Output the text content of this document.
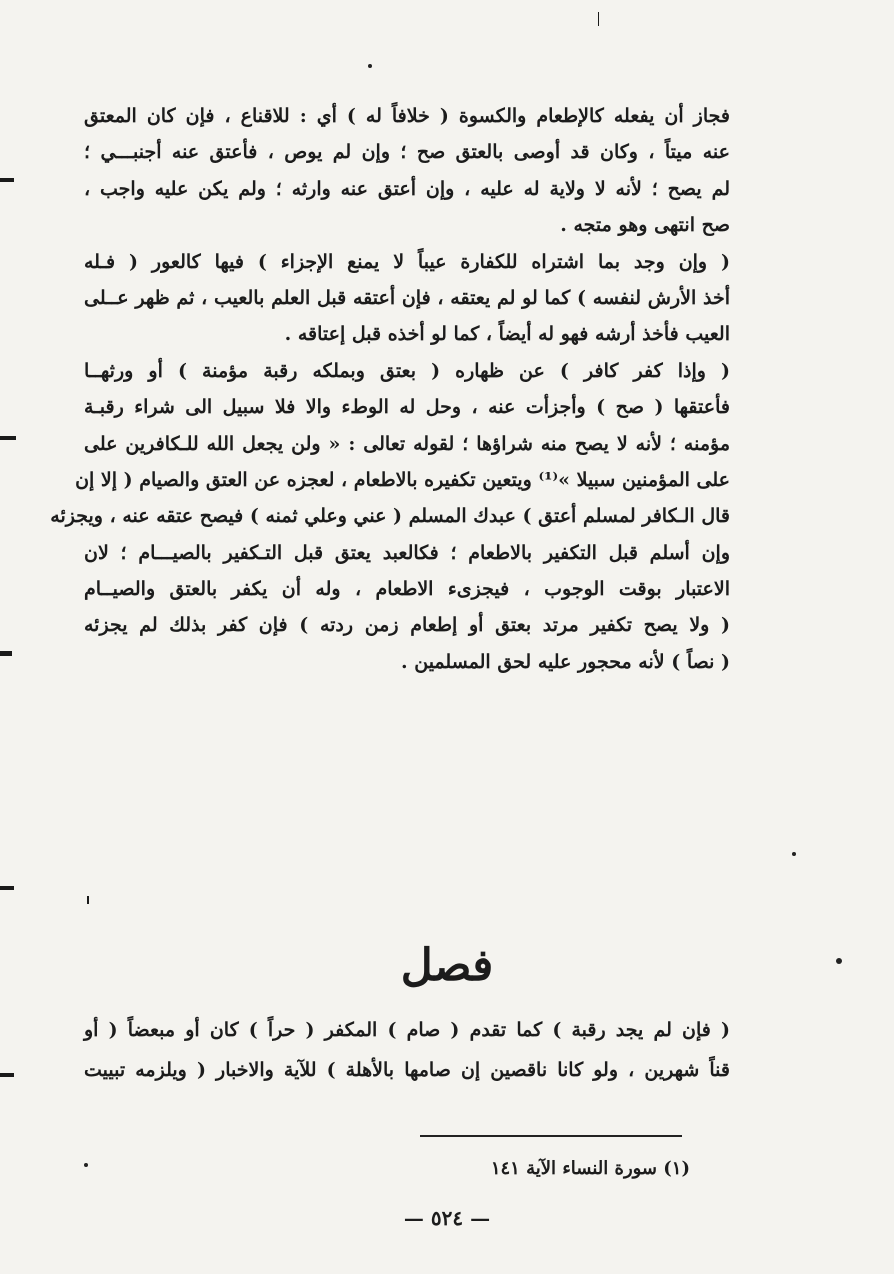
فجاز أن يفعله كالإطعام والكسوة ( خلافاً له ) أي : للاقناع ، فإن كان المعتق
عنه ميتاً ، وكان قد أوصى بالعتق صح ؛ وإن لم يوص ، فأعتق عنه أجنبـــي ؛
لم يصح ؛ لأنه لا ولاية له عليه ، وإن أعتق عنه وارثه ؛ ولم يكن عليه واجب ،
صح انتهى وهو متجه .
( وإن وجد بما اشتراه للكفارة عيباً لا يمنع الإجزاء ) فيها كالعور ( فـله
أخذ الأرش لنفسه ) كما لو لم يعتقه ، فإن أعتقه قبل العلم بالعيب ، ثم ظهر عــلى
العيب فأخذ أرشه فهو له أيضاً ، كما لو أخذه قبل إعتاقه .
( وإذا كفر كافر ) عن ظهاره ( بعتق وبملكه رقبة مؤمنة ) أو ورثهــا
فأعتقها ( صح ) وأجزأت عنه ، وحل له الوطء والا فلا سبيل الى شراء رقبـة
مؤمنه ؛ لأنه لا يصح منه شراؤها ؛ لقوله تعالى : « ولن يجعل الله للـكافرين على
على المؤمنين سبيلا »⁽¹⁾ ويتعين تكفيره بالاطعام ، لعجزه عن العتق والصيام ( إلا إن
قال الـكافر لمسلم أعتق ) عبدك المسلم ( عني وعلي ثمنه ) فيصح عتقه عنه ، ويجزئه
وإن أسلم قبل التكفير بالاطعام ؛ فكالعبد يعتق قبل التـكفير بالصيـــام ؛ لان
الاعتبار بوقت الوجوب ، فيجزىء الاطعام ، وله أن يكفر بالعتق والصيــام
( ولا يصح تكفير مرتد بعتق أو إطعام زمن ردته ) فإن كفر بذلك لم يجزئه
( نصاً ) لأنه محجور عليه لحق المسلمين .
فصل
( فإن لم يجد رقبة ) كما تقدم ( صام ) المكفر ( حراً ) كان أو مبعضاً ( أو
قناً شهرين ، ولو كانا ناقصين إن صامها بالأهلة ) للآية والاخبار ( ويلزمه تبييت
(١) سورة النساء الآية ١٤١
— ٥٢٤ —
